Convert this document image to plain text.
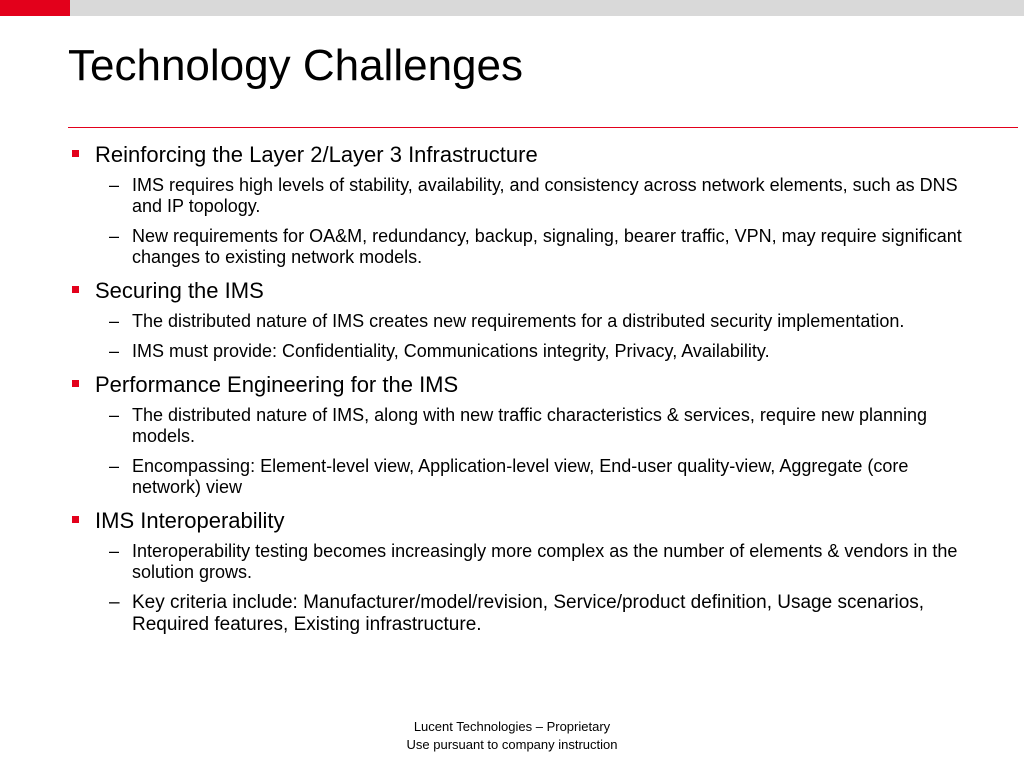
Technology Challenges
Reinforcing the Layer 2/Layer 3 Infrastructure
– IMS requires high levels of stability, availability, and consistency across network elements, such as DNS and IP topology.
– New requirements for OA&M, redundancy, backup, signaling, bearer traffic, VPN, may require significant changes to existing network models.
Securing the IMS
– The distributed nature of IMS creates new requirements for a distributed security implementation.
– IMS must provide: Confidentiality, Communications integrity, Privacy, Availability.
Performance Engineering for the IMS
– The distributed nature of IMS, along with new traffic characteristics & services, require new planning models.
– Encompassing: Element-level view, Application-level view, End-user quality-view, Aggregate (core network) view
IMS Interoperability
– Interoperability testing becomes increasingly more complex as the number of elements & vendors in the solution grows.
– Key criteria include: Manufacturer/model/revision, Service/product definition, Usage scenarios, Required features, Existing infrastructure.
Lucent Technologies – Proprietary
Use pursuant to company instruction
